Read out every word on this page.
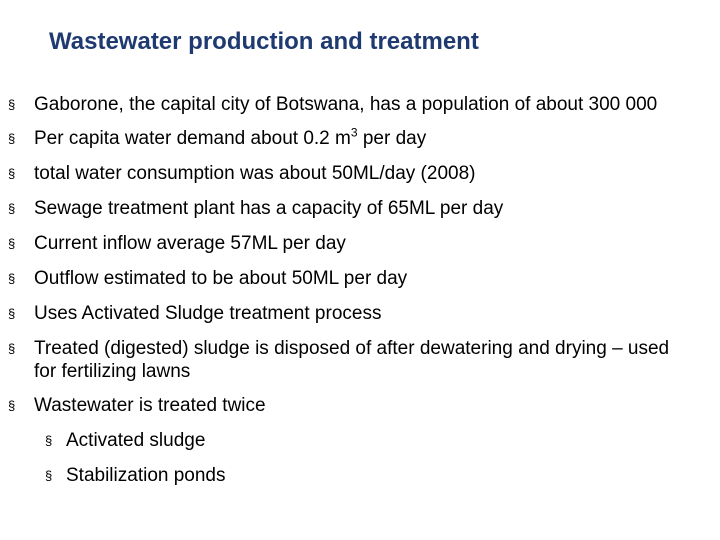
Wastewater production and treatment
§ Gaborone, the capital city of Botswana, has a population of about 300 000
§ Per capita water demand about 0.2 $m^3$ per day
§ total water consumption was about 50ML/day (2008)
§ Sewage treatment plant has a capacity of 65ML per day
§ Current inflow average 57ML per day
§ Outflow estimated to be about 50ML per day
§ Uses Activated Sludge treatment process
§ Treated (digested) sludge is disposed of after dewatering and drying – used for fertilizing lawns
§ Wastewater is treated twice
§ Activated sludge
§ Stabilization ponds
